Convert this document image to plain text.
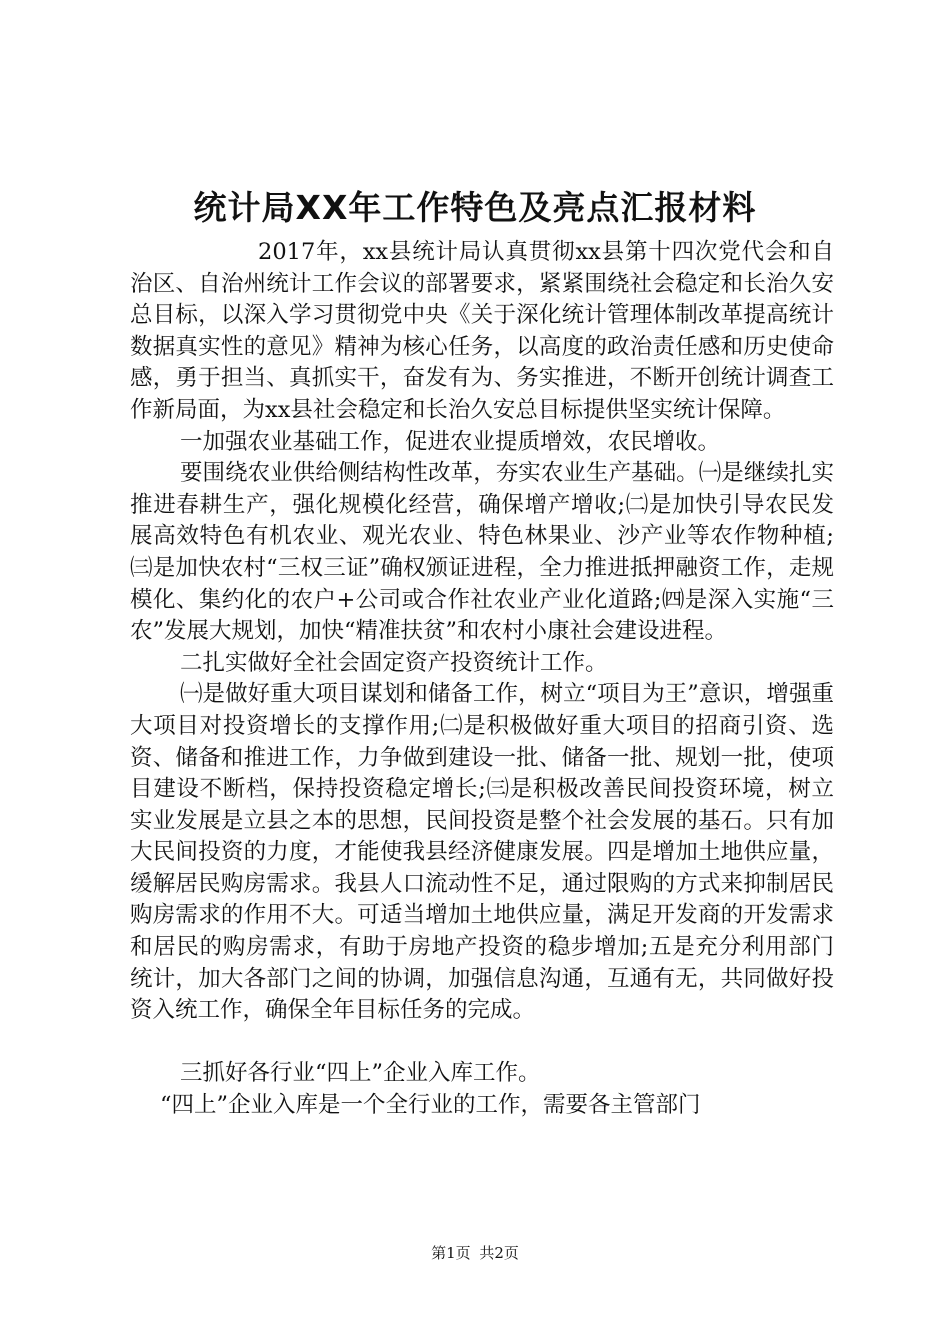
统计局XX年工作特色及亮点汇报材料

2017年，xx县统计局认真贯彻xx县第十四次党代会和自治区、自治州统计工作会议的部署要求，紧紧围绕社会稳定和长治久安总目标，以深入学习贯彻党中央《关于深化统计管理体制改革提高统计数据真实性的意见》精神为核心任务，以高度的政治责任感和历史使命感，勇于担当、真抓实干，奋发有为、务实推进，不断开创统计调查工作新局面，为xx县社会稳定和长治久安总目标提供坚实统计保障。

一加强农业基础工作，促进农业提质增效，农民增收。

要围绕农业供给侧结构性改革，夯实农业生产基础。㈠是继续扎实推进春耕生产，强化规模化经营，确保增产增收;㈡是加快引导农民发展高效特色有机农业、观光农业、特色林果业、沙产业等农作物种植;㈢是加快农村“三权三证”确权颁证进程，全力推进抵押融资工作，走规模化、集约化的农户+公司或合作社农业产业化道路;㈣是深入实施“三农”发展大规划，加快“精准扶贫”和农村小康社会建设进程。

二扎实做好全社会固定资产投资统计工作。

㈠是做好重大项目谋划和储备工作，树立“项目为王”意识，增强重大项目对投资增长的支撑作用;㈡是积极做好重大项目的招商引资、选资、储备和推进工作，力争做到建设一批、储备一批、规划一批，使项目建设不断档，保持投资稳定增长;㈢是积极改善民间投资环境，树立实业发展是立县之本的思想，民间投资是整个社会发展的基石。只有加大民间投资的力度，才能使我县经济健康发展。四是增加土地供应量，缓解居民购房需求。我县人口流动性不足，通过限购的方式来抑制居民购房需求的作用不大。可适当增加土地供应量，满足开发商的开发需求和居民的购房需求，有助于房地产投资的稳步增加;五是充分利用部门统计，加大各部门之间的协调，加强信息沟通，互通有无，共同做好投资入统工作，确保全年目标任务的完成。

三抓好各行业“四上”企业入库工作。

“四上”企业入库是一个全行业的工作，需要各主管部门

第1页 共2页
